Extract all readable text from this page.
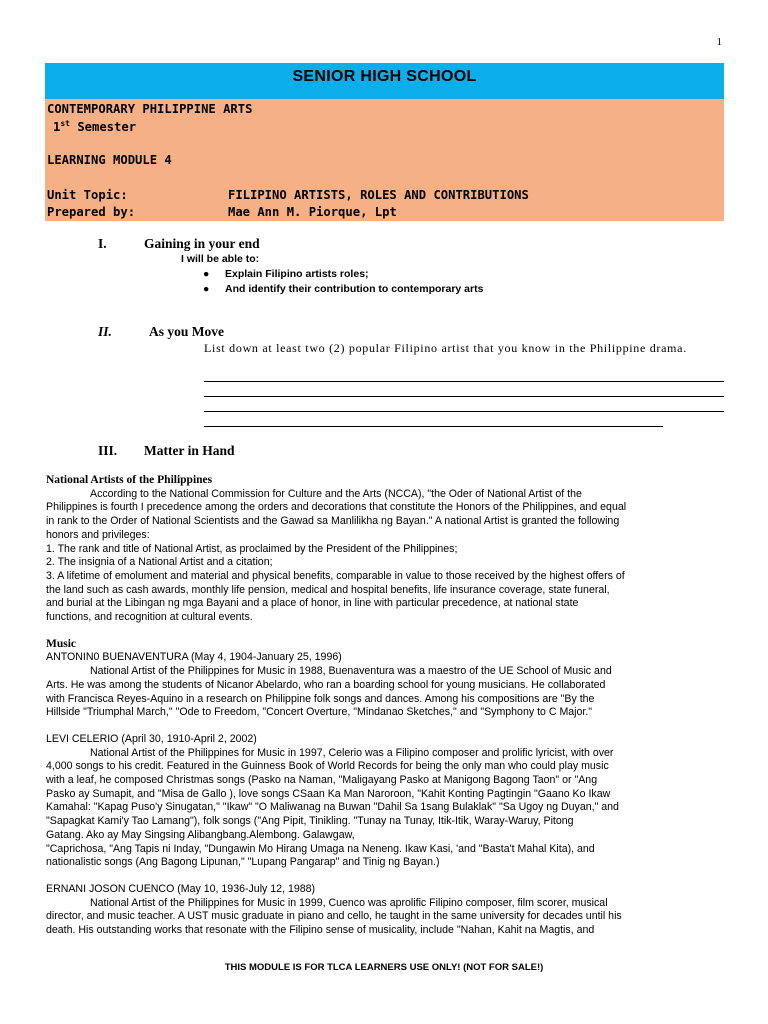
1
SENIOR HIGH SCHOOL
CONTEMPORARY PHILIPPINE ARTS
1st Semester
LEARNING MODULE 4
Unit Topic:	FILIPINO ARTISTS, ROLES AND CONTRIBUTIONS
Prepared by:	Mae Ann M. Piorque, Lpt
I.	Gaining in your end
I will be able to:
● Explain Filipino artists roles;
● And identify their contribution to contemporary arts
II.	As you Move
List down at least two (2) popular Filipino artist that you know in the Philippine drama.
III. Matter in Hand
National Artists of the Philippines

According to the National Commission for Culture and the Arts (NCCA), "the Oder of National Artist of the

Philippines is fourth I precedence among the orders and decorations that constitute the Honors of the Philippines, and equal

in rank to the Order of National Scientists and the Gawad sa Manlilikha ng Bayan." A national Artist is granted the following

honors and privileges:

1. The rank and title of National Artist, as proclaimed by the President of the Philippines;

2. The insignia of a National Artist and a citation;

3. A lifetime of emolument and material and physical benefits, comparable in value to those received by the highest offers of

the land such as cash awards, monthly life pension, medical and hospital benefits, life insurance coverage, state funeral,

and burial at the Libingan ng mga Bayani and a place of honor, in line with particular precedence, at national state

functions, and recognition at cultural events.

Music

ANTONIN0 BUENAVENTURA (May 4, 1904-January 25, 1996)

National Artist of the Philippines for Music in 1988, Buenaventura was a maestro of the UE School of Music and

Arts. He was among the students of Nicanor Abelardo, who ran a boarding school for young musicians. He collaborated

with Francisca Reyes-Aquino in a research on Philippine folk songs and dances. Among his compositions are "By the

Hillside "Triumphal March," "Ode to Freedom, "Concert Overture, "Mindanao Sketches," and "Symphony to C Major."

LEVI CELERIO (April 30, 1910-April 2, 2002)

National Artist of the Philippines for Music in 1997, Celerio was a Filipino composer and prolific lyricist, with over

4,000 songs to his credit. Featured in the Guinness Book of World Records for being the only man who could play music

with a leaf, he composed Christmas songs (Pasko na Naman, "Maligayang Pasko at Manigong Bagong Taon" or "Ang

Pasko ay Sumapit, and "Misa de Gallo ), love songs CSaan Ka Man Naroroon, "Kahit Konting Pagtingin "Gaano Ko Ikaw

Kamahal: "Kapag Puso'y Sinugatan," "Ikaw" "O Maliwanag na Buwan "Dahil Sa 1sang Bulaklak" "Sa Ugoy ng Duyan," and

"Sapagkat Kami'y Tao Lamang"), folk songs ("Ang Pipit, Tinikling. "Tunay na Tunay, Itik-Itik, Waray-Waruy, Pitong

Gatang. Ako ay May Singsing Alibangbang.Alembong. Galawgaw,

"Caprichosa, "Ang Tapis ni Inday, "Dungawin Mo Hirang Umaga na Neneng. Ikaw Kasi, 'and "Basta't Mahal Kita), and

nationalistic songs (Ang Bagong Lipunan," "Lupang Pangarap" and Tinig ng Bayan.)

ERNANI JOSON CUENCO (May 10, 1936-July 12, 1988)

National Artist of the Philippines for Music in 1999, Cuenco was aprolific Filipino composer, film scorer, musical

director, and music teacher. A UST music graduate in piano and cello, he taught in the same university for decades until his

death. His outstanding works that resonate with the Filipino sense of musicality, include "Nahan, Kahit na Magtis, and

THIS MODULE IS FOR TLCA LEARNERS USE ONLY! (NOT FOR SALE!)
